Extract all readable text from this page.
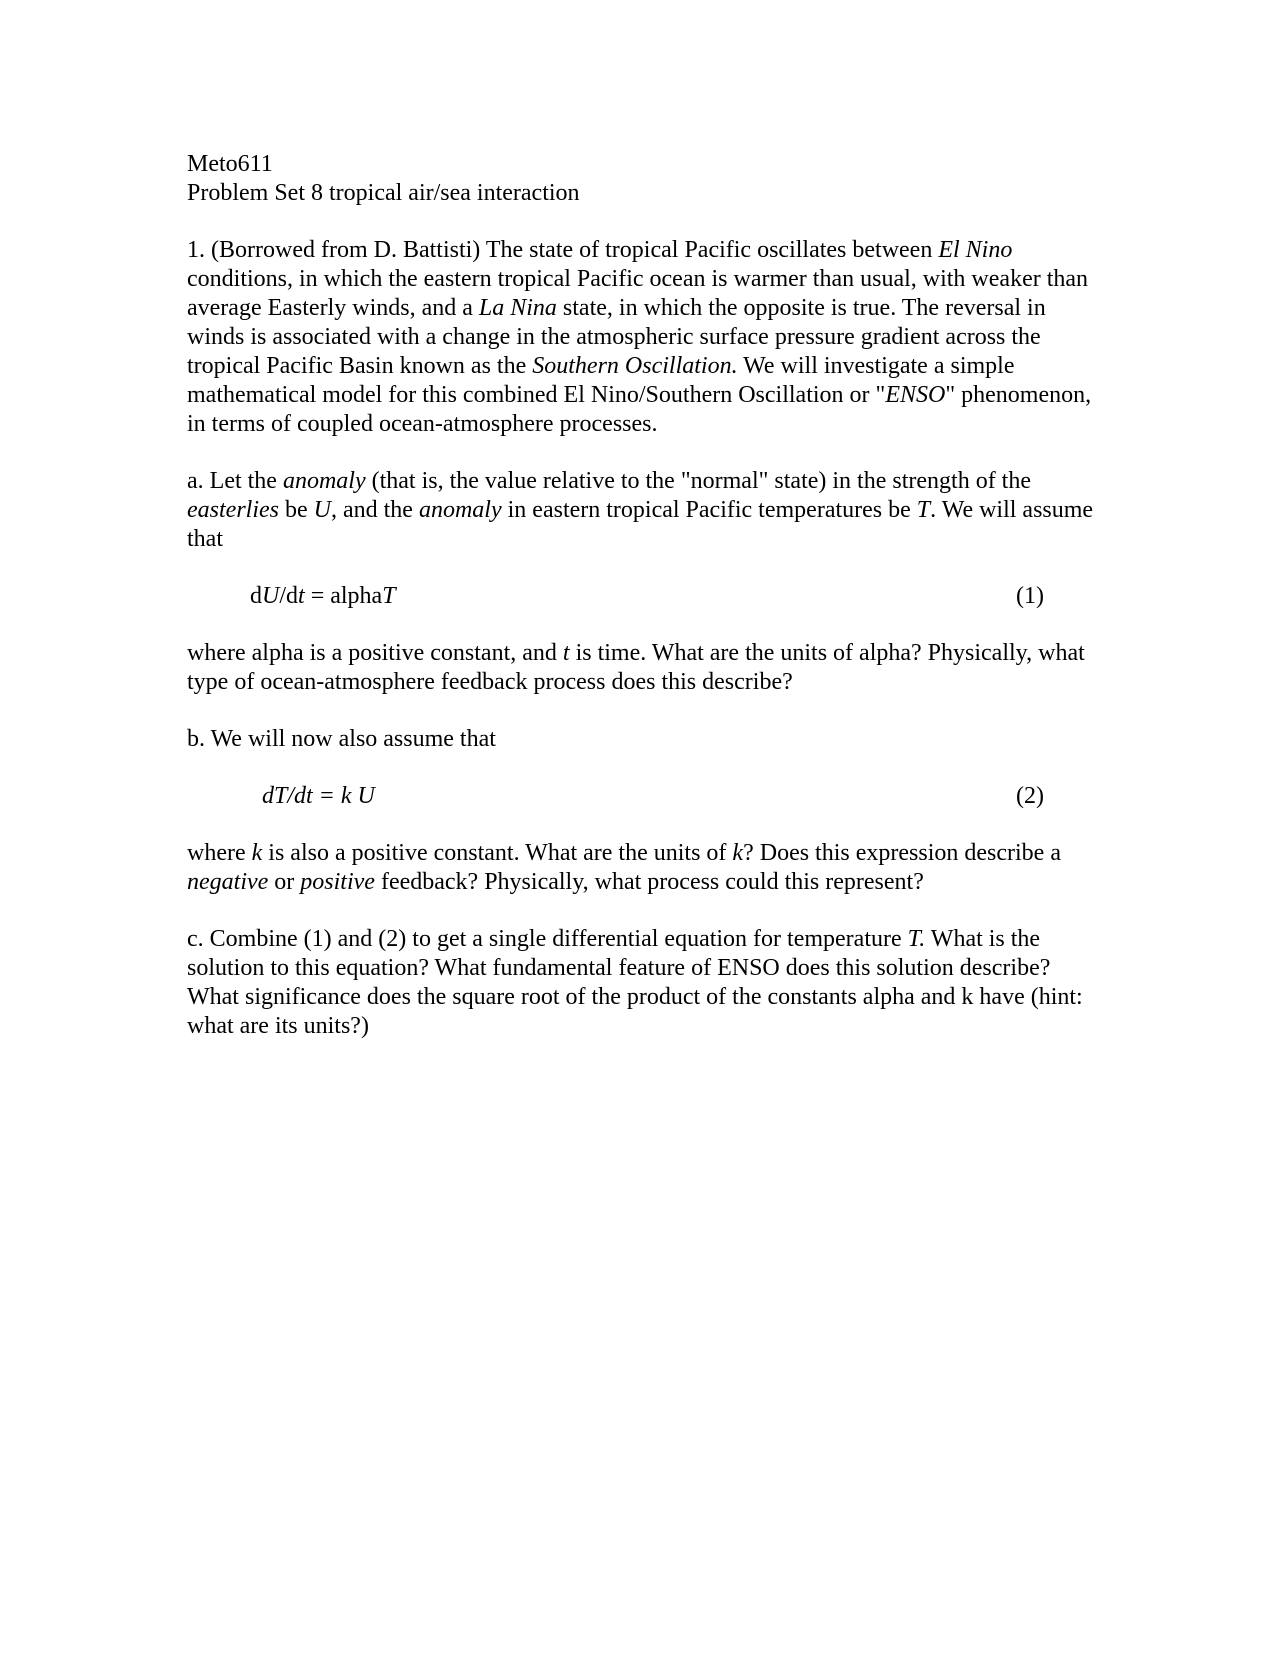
Meto611

Problem Set 8 tropical air/sea interaction

1. (Borrowed from D. Battisti) The state of tropical Pacific oscillates between El Nino conditions, in which the eastern tropical Pacific ocean is warmer than usual, with weaker than average Easterly winds, and a La Nina state, in which the opposite is true. The reversal in winds is associated with a change in the atmospheric surface pressure gradient across the tropical Pacific Basin known as the Southern Oscillation. We will investigate a simple mathematical model for this combined El Nino/Southern Oscillation or "ENSO" phenomenon, in terms of coupled ocean-atmosphere processes.

a. Let the anomaly (that is, the value relative to the "normal" state) in the strength of the easterlies be U, and the anomaly in eastern tropical Pacific temperatures be T. We will assume that

dU/dt = alphaT	(1)

where alpha is a positive constant, and t is time. What are the units of alpha? Physically, what type of ocean-atmosphere feedback process does this describe?

b. We will now also assume that

dT/dt = k U	(2)

where k is also a positive constant. What are the units of k? Does this expression describe a negative or positive feedback? Physically, what process could this represent?

c. Combine (1) and (2) to get a single differential equation for temperature T. What is the solution to this equation? What fundamental feature of ENSO does this solution describe? What significance does the square root of the product of the constants alpha and k have (hint: what are its units?)
